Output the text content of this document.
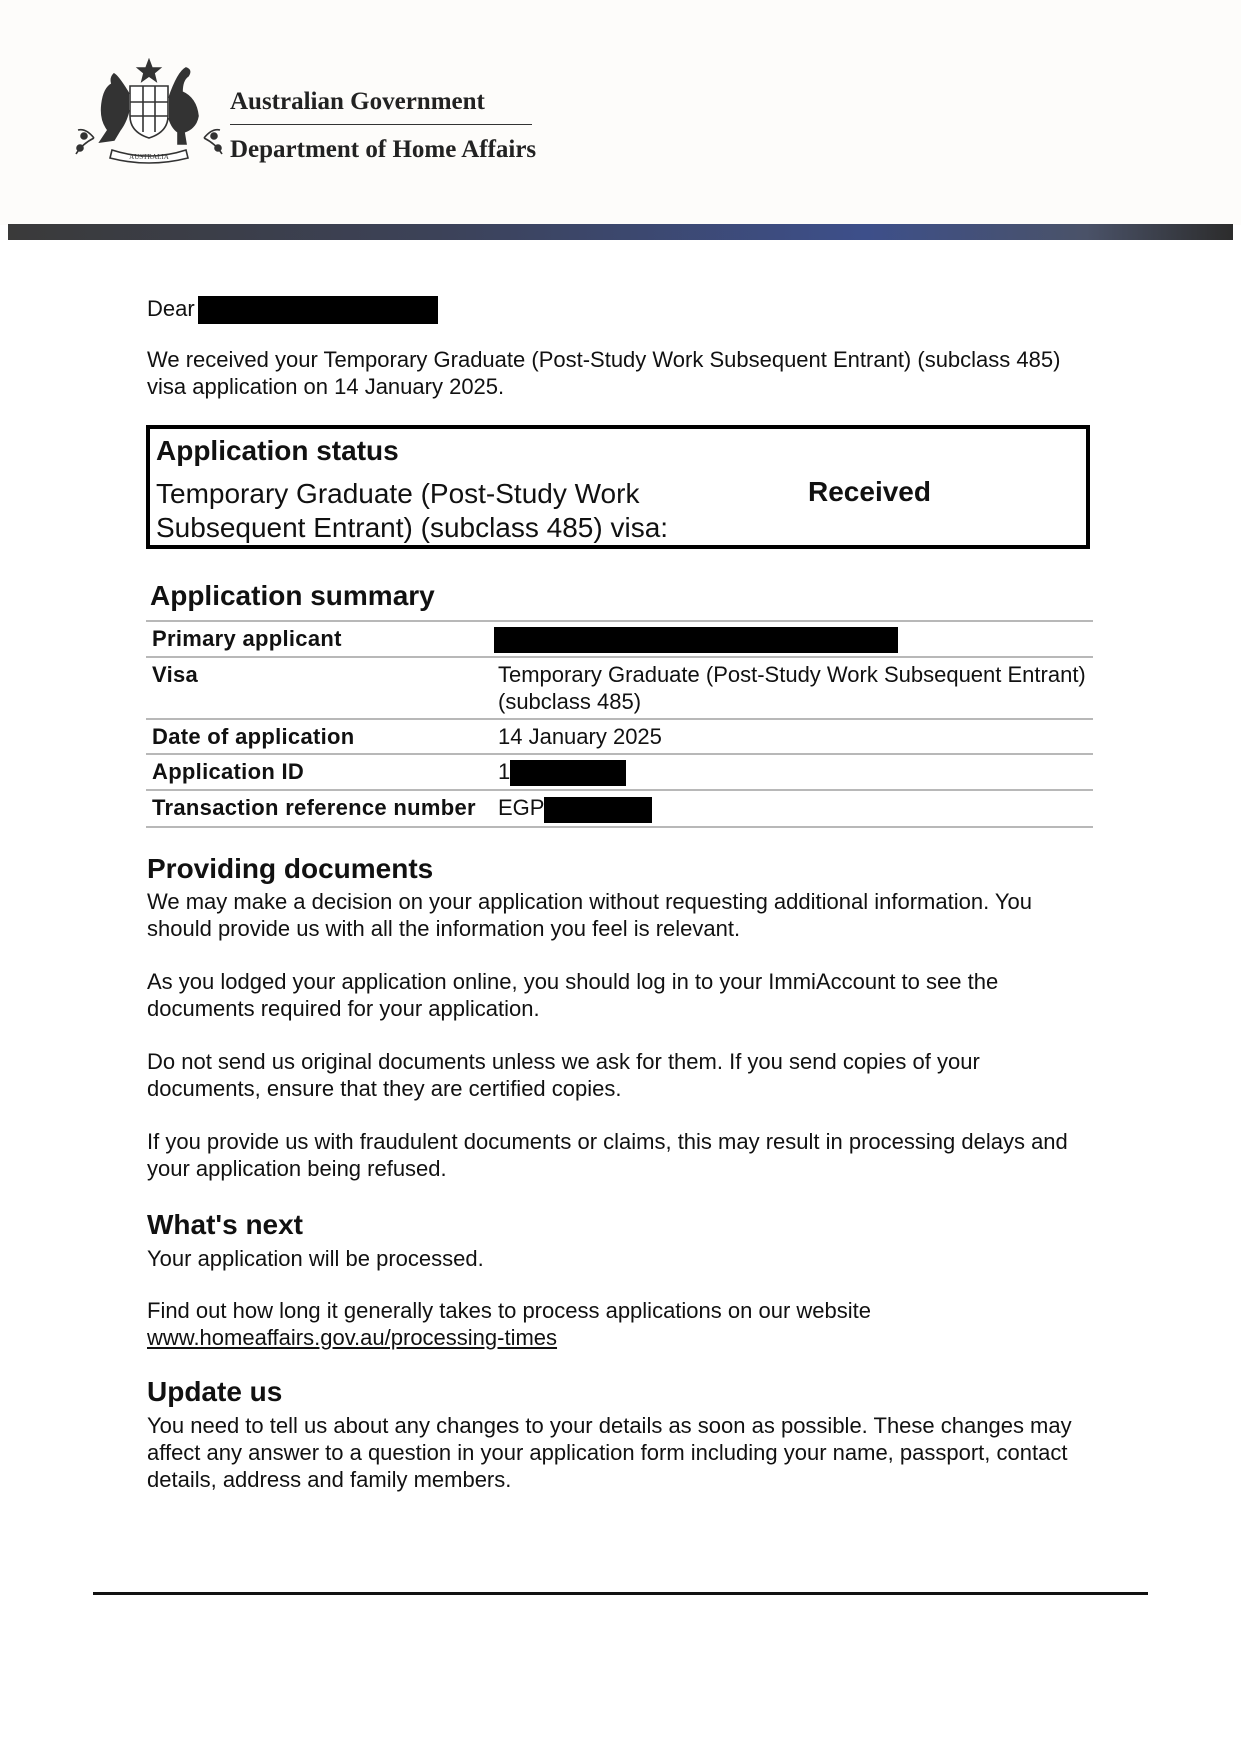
AUSTRALIA
Australian Government
Department of Home Affairs

Dear

We received your Temporary Graduate (Post-Study Work Subsequent Entrant) (subclass 485) visa application on 14 January 2025.

Application status
Temporary Graduate (Post-Study Work Subsequent Entrant) (subclass 485) visa:
Received
Application summary
Primary applicant	
Visa	Temporary Graduate (Post-Study Work Subsequent Entrant) (subclass 485)
Date of application	14 January 2025
Application ID	1
Transaction reference number	EGP

Providing documents

We may make a decision on your application without requesting additional information. You should provide us with all the information you feel is relevant.

As you lodged your application online, you should log in to your ImmiAccount to see the documents required for your application.

Do not send us original documents unless we ask for them. If you send copies of your documents, ensure that they are certified copies.

If you provide us with fraudulent documents or claims, this may result in processing delays and your application being refused.

What's next

Your application will be processed.

Find out how long it generally takes to process applications on our website
www.homeaffairs.gov.au/processing-times

Update us

You need to tell us about any changes to your details as soon as possible. These changes may affect any answer to a question in your application form including your name, passport, contact details, address and family members.
